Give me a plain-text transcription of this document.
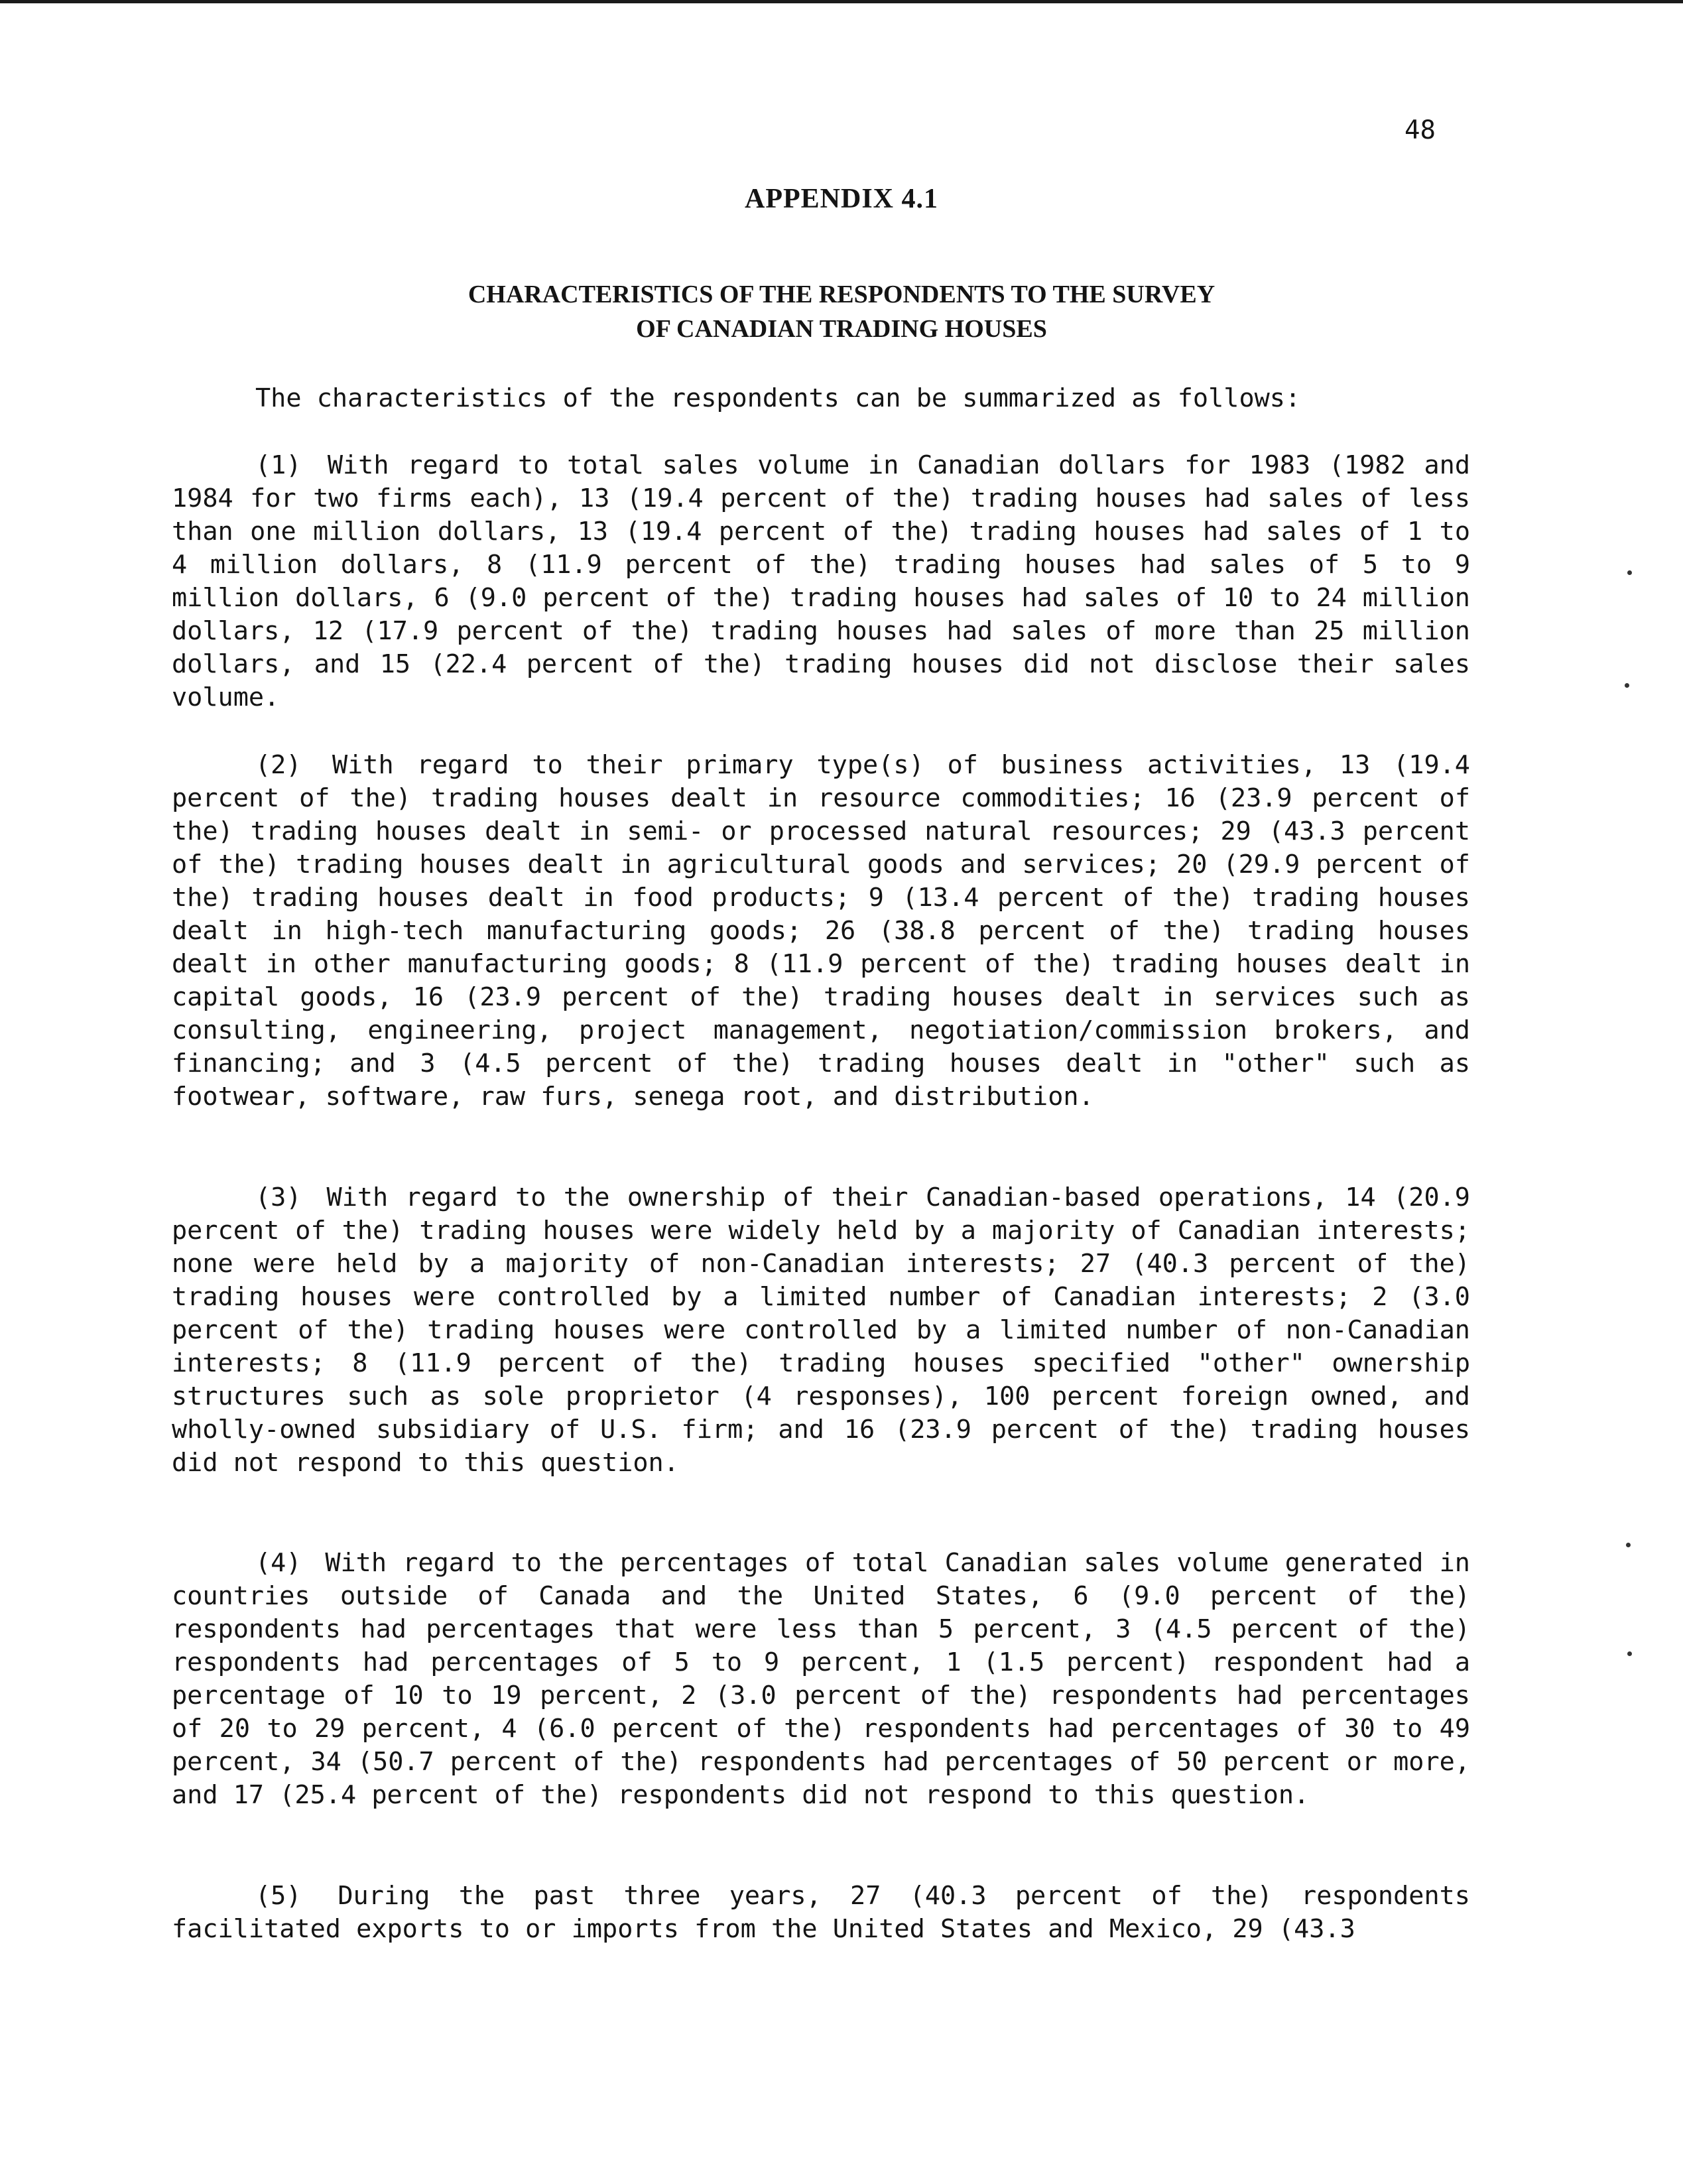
48

APPENDIX 4.1
CHARACTERISTICS OF THE RESPONDENTS TO THE SURVEY
OF CANADIAN TRADING HOUSES

The characteristics of the respondents can be summarized as follows:

(1) With regard to total sales volume in Canadian dollars for 1983 (1982 and 1984 for two firms each), 13 (19.4 percent of the) trading houses had sales of less than one million dollars, 13 (19.4 percent of the) trading houses had sales of 1 to 4 million dollars, 8 (11.9 percent of the) trading houses had sales of 5 to 9 million dollars, 6 (9.0 percent of the) trading houses had sales of 10 to 24 million dollars, 12 (17.9 percent of the) trading houses had sales of more than 25 million dollars, and 15 (22.4 percent of the) trading houses did not disclose their sales volume.

(2) With regard to their primary type(s) of business activities, 13 (19.4 percent of the) trading houses dealt in resource commodities; 16 (23.9 percent of the) trading houses dealt in semi- or processed natural resources; 29 (43.3 percent of the) trading houses dealt in agricultural goods and services; 20 (29.9 percent of the) trading houses dealt in food products; 9 (13.4 percent of the) trading houses dealt in high-tech manufacturing goods; 26 (38.8 percent of the) trading houses dealt in other manufacturing goods; 8 (11.9 percent of the) trading houses dealt in capital goods, 16 (23.9 percent of the) trading houses dealt in services such as consulting, engineering, project management, negotiation/commission brokers, and financing; and 3 (4.5 percent of the) trading houses dealt in "other" such as footwear, software, raw furs, senega root, and distribution.

(3) With regard to the ownership of their Canadian-based operations, 14 (20.9 percent of the) trading houses were widely held by a majority of Canadian interests; none were held by a majority of non-Canadian interests; 27 (40.3 percent of the) trading houses were controlled by a limited number of Canadian interests; 2 (3.0 percent of the) trading houses were controlled by a limited number of non-Canadian interests; 8 (11.9 percent of the) trading houses specified "other" ownership structures such as sole proprietor (4 responses), 100 percent foreign owned, and wholly-owned subsidiary of U.S. firm; and 16 (23.9 percent of the) trading houses did not respond to this question.

(4) With regard to the percentages of total Canadian sales volume generated in countries outside of Canada and the United States, 6 (9.0 percent of the) respondents had percentages that were less than 5 percent, 3 (4.5 percent of the) respondents had percentages of 5 to 9 percent, 1 (1.5 percent) respondent had a percentage of 10 to 19 percent, 2 (3.0 percent of the) respondents had percentages of 20 to 29 percent, 4 (6.0 percent of the) respondents had percentages of 30 to 49 percent, 34 (50.7 percent of the) respondents had percentages of 50 percent or more, and 17 (25.4 percent of the) respondents did not respond to this question.

(5) During the past three years, 27 (40.3 percent of the) respondents facilitated exports to or imports from the United States and Mexico, 29 (43.3
